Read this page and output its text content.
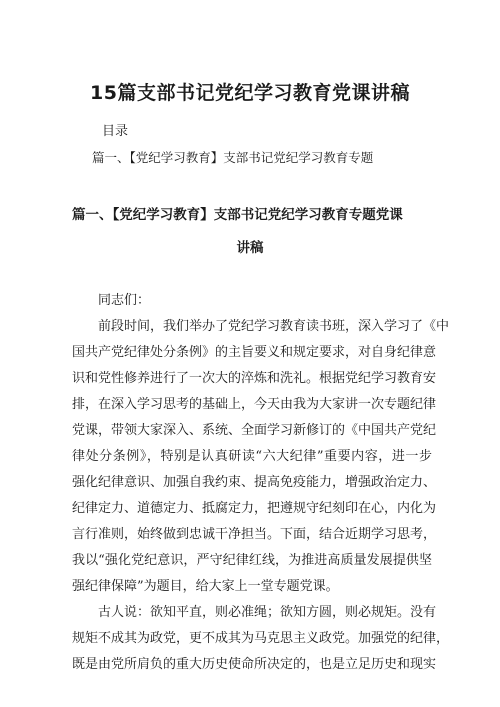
15篇支部书记党纪学习教育党课讲稿
目录
篇一、【党纪学习教育】支部书记党纪学习教育专题
篇一、【党纪学习教育】支部书记党纪学习教育专题党课
讲稿
同志们：
前段时间，我们举办了党纪学习教育读书班，深入学习了《中
国共产党纪律处分条例》的主旨要义和规定要求，对自身纪律意
识和党性修养进行了一次大的淬炼和洗礼。根据党纪学习教育安
排，在深入学习思考的基础上，今天由我为大家讲一次专题纪律
党课，带领大家深入、系统、全面学习新修订的《中国共产党纪
律处分条例》，特别是认真研读“六大纪律”重要内容，进一步
强化纪律意识、加强自我约束、提高免疫能力，增强政治定力、
纪律定力、道德定力、抵腐定力，把遵规守纪刻印在心，内化为
言行准则，始终做到忠诚干净担当。下面，结合近期学习思考，
我以“强化党纪意识，严守纪律红线，为推进高质量发展提供坚
强纪律保障”为题目，给大家上一堂专题党课。
古人说：欲知平直，则必准绳；欲知方圆，则必规矩。没有
规矩不成其为政党，更不成其为马克思主义政党。加强党的纪律，
既是由党所肩负的重大历史使命所决定的，也是立足历史和现实
